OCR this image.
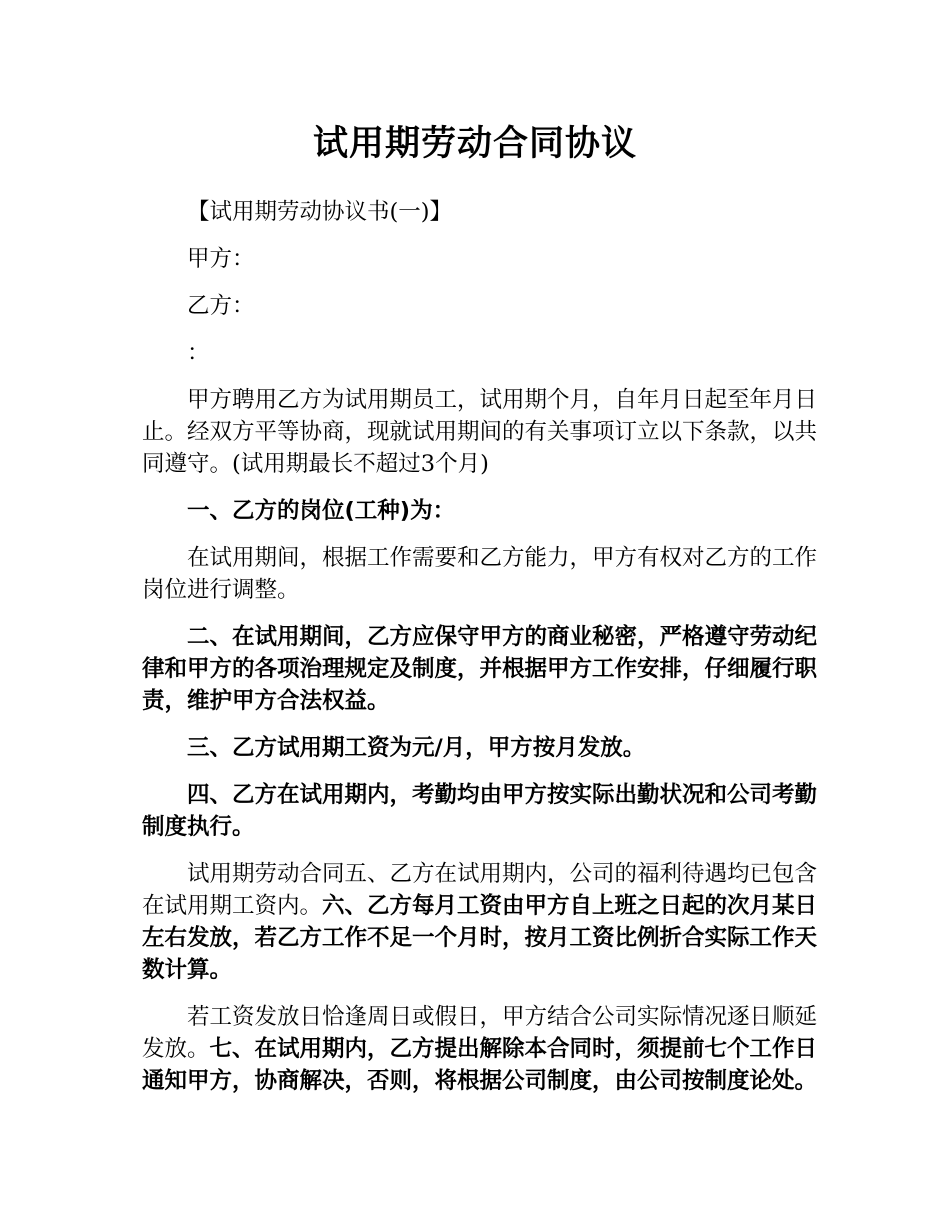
试用期劳动合同协议

【试用期劳动协议书(一)】

甲方：

乙方：

：

甲方聘用乙方为试用期员工，试用期个月，自年月日起至年月日止。经双方平等协商，现就试用期间的有关事项订立以下条款，以共同遵守。(试用期最长不超过3个月)

一、乙方的岗位(工种)为：

在试用期间，根据工作需要和乙方能力，甲方有权对乙方的工作岗位进行调整。

二、在试用期间，乙方应保守甲方的商业秘密，严格遵守劳动纪律和甲方的各项治理规定及制度，并根据甲方工作安排，仔细履行职责，维护甲方合法权益。

三、乙方试用期工资为元/月，甲方按月发放。

四、乙方在试用期内，考勤均由甲方按实际出勤状况和公司考勤制度执行。

试用期劳动合同五、乙方在试用期内，公司的福利待遇均已包含在试用期工资内。六、乙方每月工资由甲方自上班之日起的次月某日左右发放，若乙方工作不足一个月时，按月工资比例折合实际工作天数计算。

若工资发放日恰逢周日或假日，甲方结合公司实际情况逐日顺延发放。七、在试用期内，乙方提出解除本合同时，须提前七个工作日通知甲方，协商解决，否则，将根据公司制度，由公司按制度论处。
